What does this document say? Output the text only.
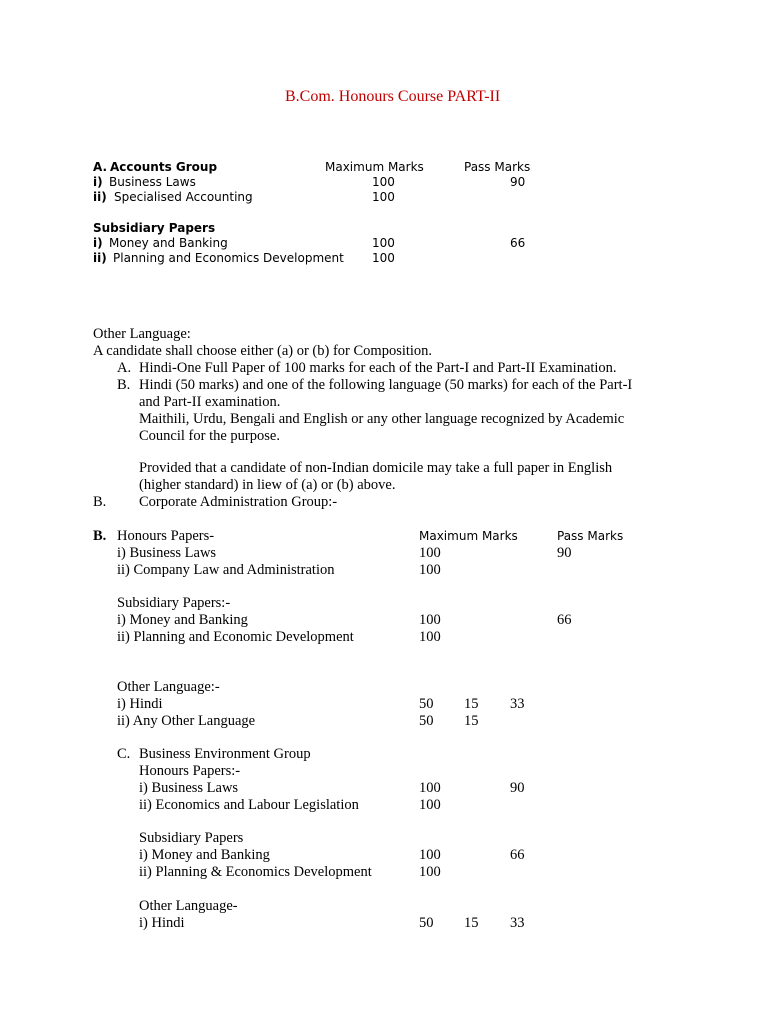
B.Com. Honours Course PART-II
A. Accounts Group	Maximum Marks	Pass Marks
i) Business Laws	100	90
ii) Specialised Accounting	100
Subsidiary Papers
i) Money and Banking	100	66
ii) Planning and Economics Development 100
Other Language:
A candidate shall choose either (a) or (b) for Composition.
A. Hindi-One Full Paper of 100 marks for each of the Part-I and Part-II Examination.
B. Hindi (50 marks) and one of the following language (50 marks) for each of the Part-I
and Part-II examination.
Maithili, Urdu, Bengali and English or any other language recognized by Academic
Council for the purpose.
Provided that a candidate of non-Indian domicile may take a full paper in English
(higher standard) in liew of (a) or (b) above.
B. Corporate Administration Group:-
B. Honours Papers-	Maximum Marks	Pass Marks
i) Business Laws	100	90
ii) Company Law and Administration	100
Subsidiary Papers:-
i) Money and Banking	100	66
ii) Planning and Economic Development	100
Other Language:-
i) Hindi	50 15 33
ii) Any Other Language	50 15
C. Business Environment Group
Honours Papers:-
i) Business Laws	100	90
ii) Economics and Labour Legislation	100
Subsidiary Papers
i) Money and Banking	100	66
ii) Planning & Economics Development	100
Other Language-
i) Hindi	50 15 33
